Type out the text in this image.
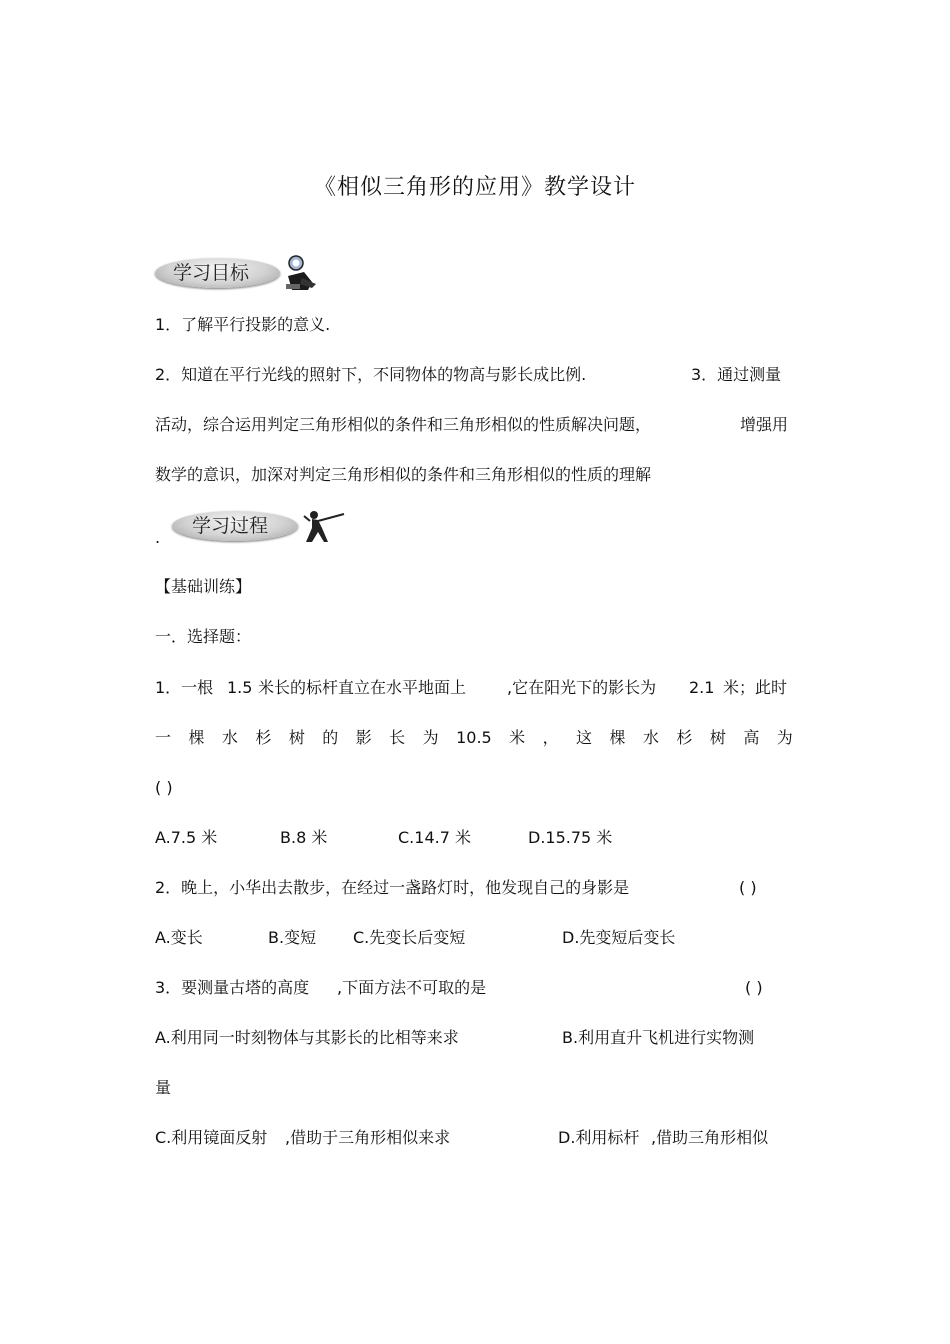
《相似三角形的应用》教学设计
学习目标
1．了解平行投影的意义.
2．知道在平行光线的照射下，不同物体的物高与影长成比例.	3．通过测量
活动，综合运用判定三角形相似的条件和三角形相似的性质解决问题，	增强用
数学的意识，加深对判定三角形相似的条件和三角形相似的性质的理解
.
学习过程
【基础训练】
一．选择题：
1．一根 1.5 米长的标杆直立在水平地面上	,它在阳光下的影长为 2.1 米；此时
一 棵 水 杉 树 的 影 长 为 10.5 米 ， 这 棵 水 杉 树 高 为
( )
A.7.5 米	B.8 米	C.14.7 米	D.15.75 米
2．晚上，小华出去散步，在经过一盏路灯时，他发现自己的身影是	( )
A.变长	B.变短 C.先变长后变短	D.先变短后变长
3．要测量古塔的高度 ,下面方法不可取的是	( )
A.利用同一时刻物体与其影长的比相等来求	B.利用直升飞机进行实物测
量
C.利用镜面反射 ,借助于三角形相似来求	D.利用标杆 ,借助三角形相似
